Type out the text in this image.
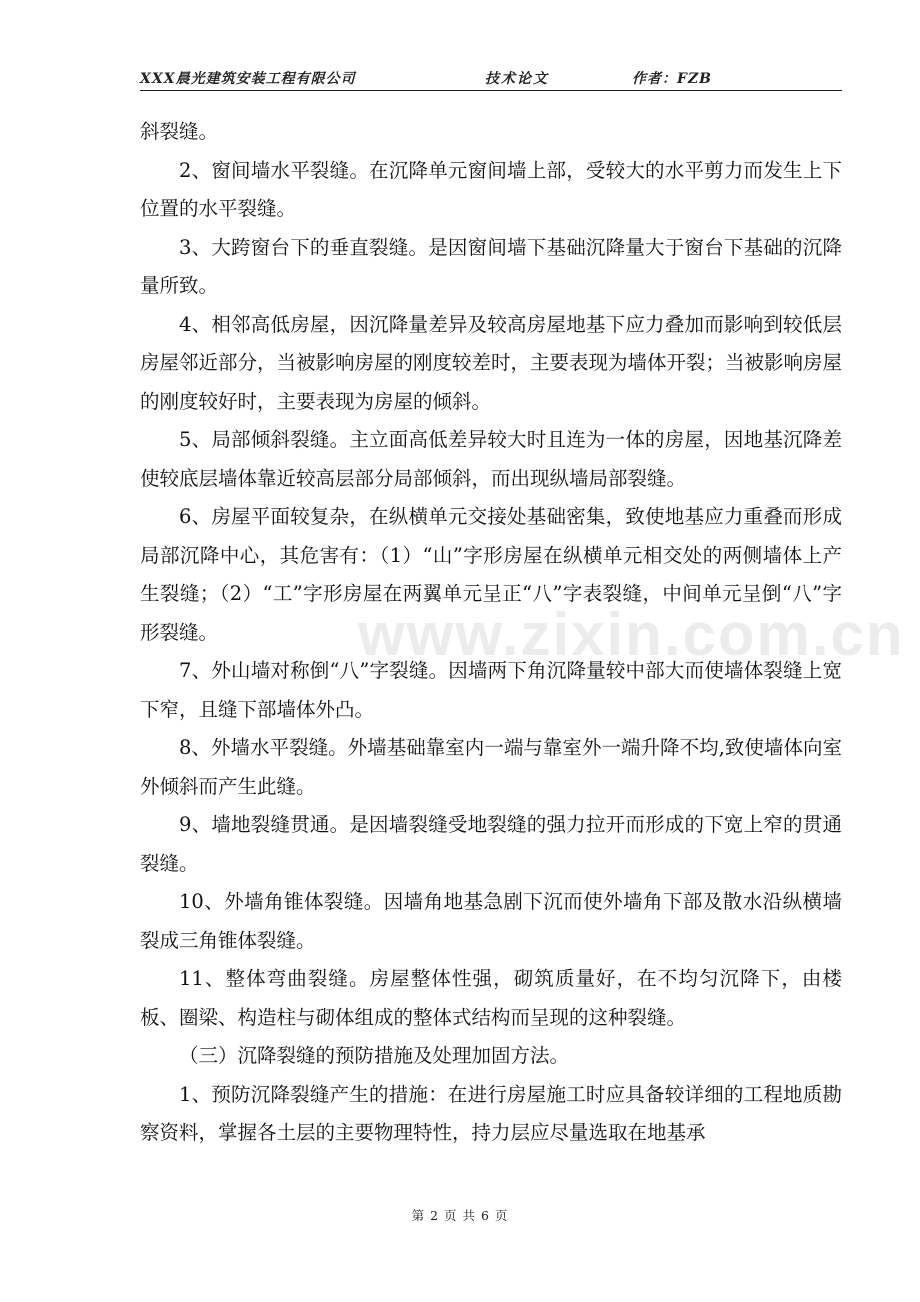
XXX晨光建筑安装工程有限公司	技术论文	作者：FZB

斜裂缝。

2、窗间墙水平裂缝。在沉降单元窗间墙上部，受较大的水平剪力而发生上下位置的水平裂缝。

3、大跨窗台下的垂直裂缝。是因窗间墙下基础沉降量大于窗台下基础的沉降量所致。

4、相邻高低房屋，因沉降量差异及较高房屋地基下应力叠加而影响到较低层房屋邻近部分，当被影响房屋的刚度较差时，主要表现为墙体开裂；当被影响房屋的刚度较好时，主要表现为房屋的倾斜。

5、局部倾斜裂缝。主立面高低差异较大时且连为一体的房屋，因地基沉降差使较底层墙体靠近较高层部分局部倾斜，而出现纵墙局部裂缝。

6、房屋平面较复杂，在纵横单元交接处基础密集，致使地基应力重叠而形成局部沉降中心，其危害有：（1）“山”字形房屋在纵横单元相交处的两侧墙体上产生裂缝；（2）“工”字形房屋在两翼单元呈正“八”字表裂缝，中间单元呈倒“八”字形裂缝。

7、外山墙对称倒“八”字裂缝。因墙两下角沉降量较中部大而使墙体裂缝上宽下窄，且缝下部墙体外凸。

8、外墙水平裂缝。外墙基础靠室内一端与靠室外一端升降不均,致使墙体向室外倾斜而产生此缝。

9、墙地裂缝贯通。是因墙裂缝受地裂缝的强力拉开而形成的下宽上窄的贯通裂缝。

10、外墙角锥体裂缝。因墙角地基急剧下沉而使外墙角下部及散水沿纵横墙裂成三角锥体裂缝。

11、整体弯曲裂缝。房屋整体性强，砌筑质量好，在不均匀沉降下，由楼板、圈梁、构造柱与砌体组成的整体式结构而呈现的这种裂缝。

（三）沉降裂缝的预防措施及处理加固方法。

1、预防沉降裂缝产生的措施：在进行房屋施工时应具备较详细的工程地质勘察资料，掌握各土层的主要物理特性，持力层应尽量选取在地基承

www.zixin.com.cn
第 2 页 共 6 页
